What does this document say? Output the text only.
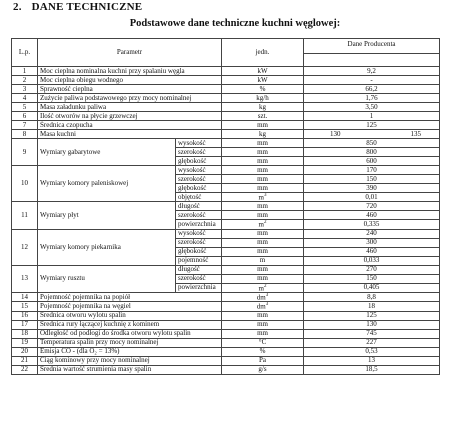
2. DANE TECHNICZNE
Podstawowe dane techniczne kuchni węglowej:
L.p.	Parametr		jedn.	Dane Producenta

1	Moc cieplna nominalna kuchni przy spalaniu węgla		kW	9,2
2	Moc cieplna obiegu wodnego		kW	-
3	Sprawność cieplna		%	66,2
4	Zużycie paliwa podstawowego przy mocy nominalnej		kg/h	1,76
5	Masa załadunku paliwa		kg	3,50
6	Ilość otworów na płycie grzewczej		szt.	1
7	Średnica czopucha		mm	125
8	Masa kuchni		kg	130 135

9	Wymiary gabarytowe	wysokość	mm	850
		szerokość	mm	800
		głębokość	mm	600
10	Wymiary komory paleniskowej	wysokość	mm	170
		szerokość	mm	150
		głębokość	mm	390
		objętość	$m^3$	0,01
11	Wymiary płyt	długość	mm	720
		szerokość	mm	460
		powierzchnia	$m^2$	0,335
12	Wymiary komory piekarnika	wysokość	mm	240
		szerokość	mm	300
		głębokość	mm	460
		pojemność	m	0,033
13	Wymiary rusztu	długość	mm	270
		szerokość	mm	150
		powierzchnia	$m^2$	0,405
14	Pojemność pojemnika na popiół		$dm^3$	8,8
15	Pojemność pojemnika na węgiel		$dm^3$	18
16	Średnica otworu wylotu spalin		mm	125
17	Średnica rury łączącej kuchnię z kominem		mm	130
18	Odległość od podłogi do środka otworu wylotu spalin		mm	745
19	Temperatura spalin przy mocy nominalnej		°C	227
20	Emisja CO - (dla O₂ = 13%)		%	0,53
21	Ciąg kominowy przy mocy nominalnej		Pa	13
22	Średnia wartość strumienia masy spalin		g/s	18,5
